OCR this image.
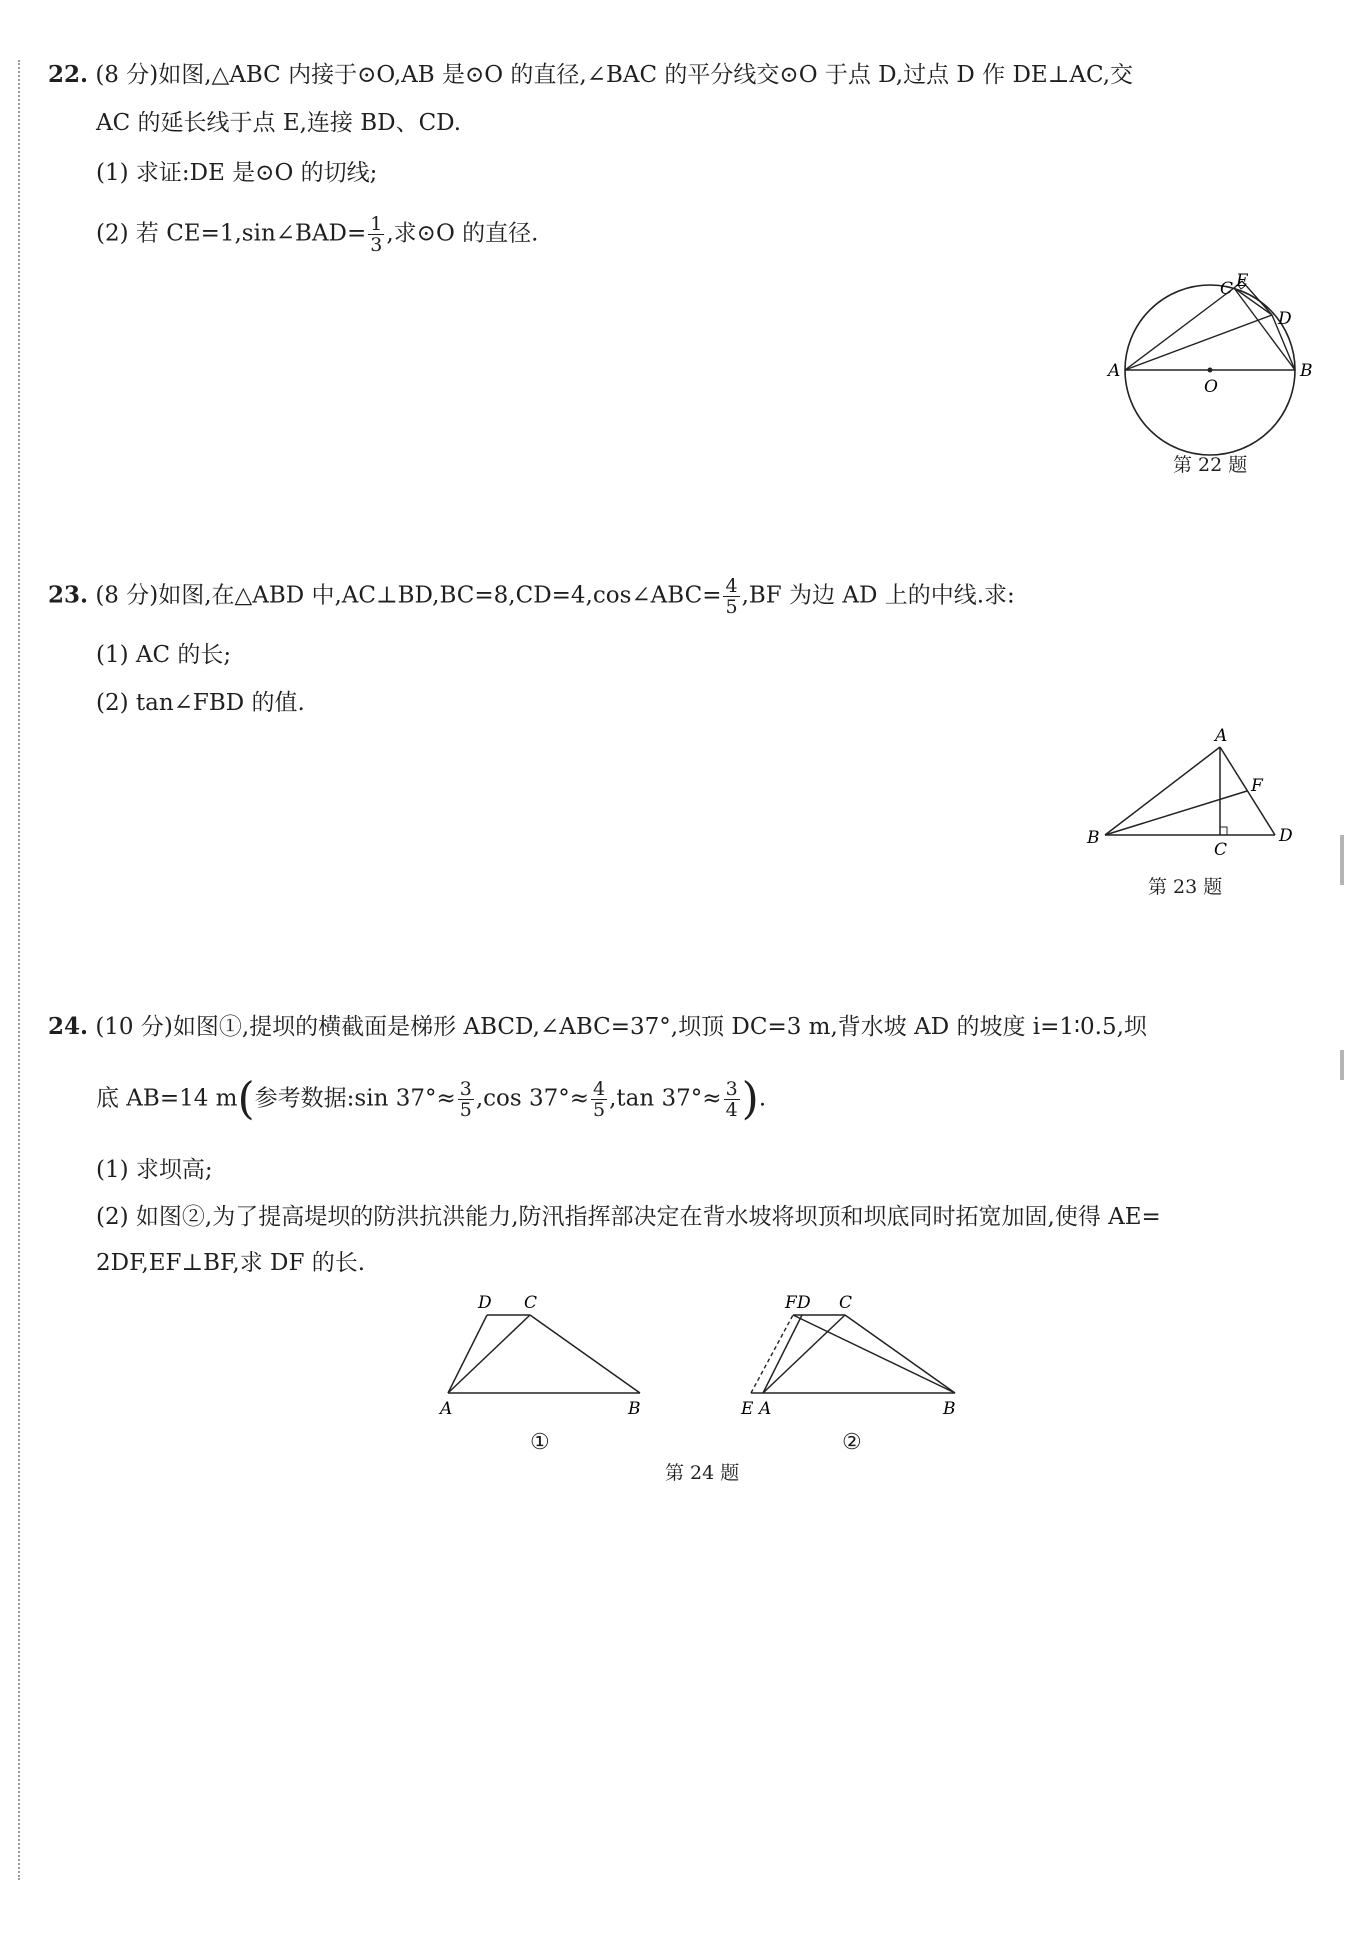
22. (8 分)如图,△ABC 内接于⊙O,AB 是⊙O 的直径,∠BAC 的平分线交⊙O 于点 D,过点 D 作 DE⊥AC,交
AC 的延长线于点 E,连接 BD、CD.
(1) 求证:DE 是⊙O 的切线;
(2) 若 CE=1,sin∠BAD= $\frac{1}{3}$ ,求⊙O 的直径.
A	B
C E
D
O
第 22 题
23. (8 分)如图,在△ABD 中,AC⊥BD,BC=8,CD=4,cos∠ABC= $\frac{4}{5} ,BF$ 为边 AD 上的中线.求:
(1) AC 的长;
(2) tan∠FBD 的值.
A
B
C
D
F
第 23 题
24. (10 分)如图①,提坝的横截面是梯形 ABCD,∠ABC=37°,坝顶 DC=3 m,背水坡 AD 的坡度 i=1∶0.5,坝
底 AB=14 m(参考数据:sin $37^\circ\approx \frac{3}{5} ,\cos$ $37^\circ\approx \frac{4}{5} ,\tan$ $37^\circ\approx \frac{3}{4}$ ).
(1) 求坝高;
(2) 如图②,为了提高堤坝的防洪抗洪能力,防汛指挥部决定在背水坡将坝顶和坝底同时拓宽加固,使得 AE=
2DF,EF⊥BF,求 DF 的长.
D C
A	B
①
F D C
E A	B
②
第 24 题
